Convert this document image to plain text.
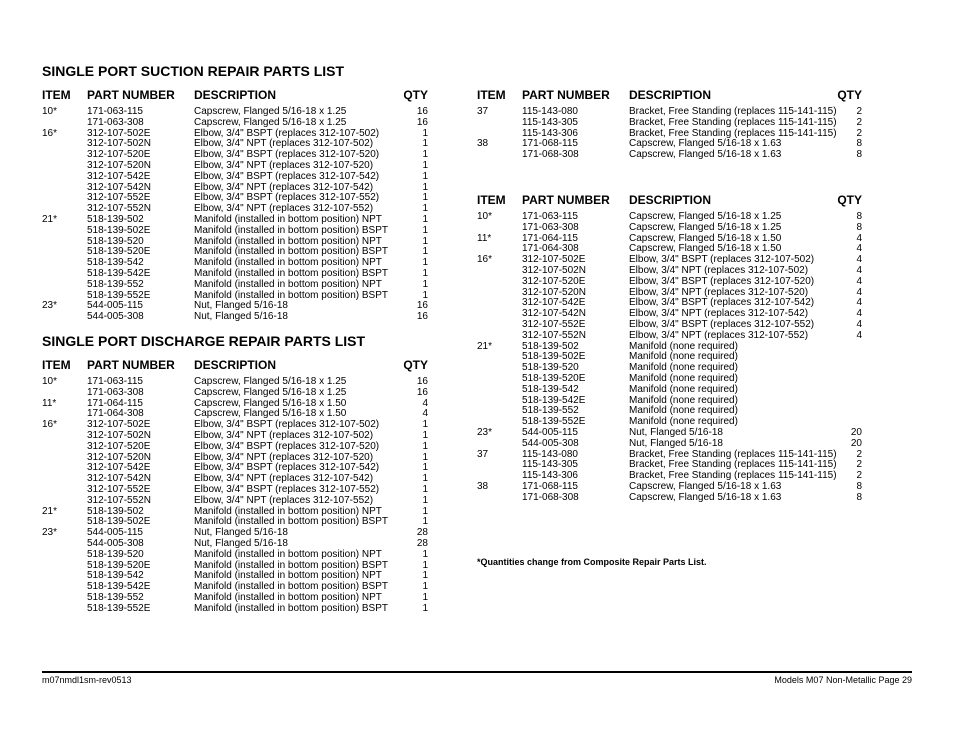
SINGLE PORT SUCTION REPAIR PARTS LIST
ITEM PART NUMBER DESCRIPTION	QTY
10*	171-063-115	Capscrew, Flanged 5/16-18 x 1.25	16
171-063-308	Capscrew, Flanged 5/16-18 x 1.25	16
16*	312-107-502E	Elbow, 3/4" BSPT (replaces 312-107-502)	1
312-107-502N	Elbow, 3/4" NPT (replaces 312-107-502)	1
312-107-520E	Elbow, 3/4" BSPT (replaces 312-107-520)	1
312-107-520N	Elbow, 3/4" NPT (replaces 312-107-520)	1
312-107-542E	Elbow, 3/4" BSPT (replaces 312-107-542)	1
312-107-542N	Elbow, 3/4" NPT (replaces 312-107-542)	1
312-107-552E	Elbow, 3/4" BSPT (replaces 312-107-552)	1
312-107-552N	Elbow, 3/4" NPT (replaces 312-107-552)	1
21*	518-139-502	Manifold (installed in bottom position) NPT	1
518-139-502E	Manifold (installed in bottom position) BSPT	1
518-139-520	Manifold (installed in bottom position) NPT	1
518-139-520E	Manifold (installed in bottom position) BSPT	1
518-139-542	Manifold (installed in bottom position) NPT	1
518-139-542E	Manifold (installed in bottom position) BSPT	1
518-139-552	Manifold (installed in bottom position) NPT	1
518-139-552E	Manifold (installed in bottom position) BSPT	1
23*	544-005-115	Nut, Flanged 5/16-18	16
544-005-308	Nut, Flanged 5/16-18	16
SINGLE PORT DISCHARGE REPAIR PARTS LIST
ITEM PART NUMBER DESCRIPTION	QTY
10*	171-063-115	Capscrew, Flanged 5/16-18 x 1.25	16
171-063-308	Capscrew, Flanged 5/16-18 x 1.25	16
11*	171-064-115	Capscrew, Flanged 5/16-18 x 1.50	4
171-064-308	Capscrew, Flanged 5/16-18 x 1.50	4
16*	312-107-502E	Elbow, 3/4" BSPT (replaces 312-107-502)	1
312-107-502N	Elbow, 3/4" NPT (replaces 312-107-502)	1
312-107-520E	Elbow, 3/4" BSPT (replaces 312-107-520)	1
312-107-520N	Elbow, 3/4" NPT (replaces 312-107-520)	1
312-107-542E	Elbow, 3/4" BSPT (replaces 312-107-542)	1
312-107-542N	Elbow, 3/4" NPT (replaces 312-107-542)	1
312-107-552E	Elbow, 3/4" BSPT (replaces 312-107-552)	1
312-107-552N	Elbow, 3/4" NPT (replaces 312-107-552)	1
21*	518-139-502	Manifold (installed in bottom position) NPT	1
518-139-502E	Manifold (installed in bottom position) BSPT	1
23*	544-005-115	Nut, Flanged 5/16-18	28
544-005-308	Nut, Flanged 5/16-18	28
518-139-520	Manifold (installed in bottom position) NPT	1
518-139-520E	Manifold (installed in bottom position) BSPT	1
518-139-542	Manifold (installed in bottom position) NPT	1
518-139-542E	Manifold (installed in bottom position) BSPT	1
518-139-552	Manifold (installed in bottom position) NPT	1
518-139-552E	Manifold (installed in bottom position) BSPT	1
ITEM PART NUMBER DESCRIPTION	QTY
37	115-143-080	Bracket, Free Standing (replaces 115-141-115) 2
115-143-305	Bracket, Free Standing (replaces 115-141-115) 2
115-143-306	Bracket, Free Standing (replaces 115-141-115) 2
38	171-068-115	Capscrew, Flanged 5/16-18 x 1.63	8
171-068-308	Capscrew, Flanged 5/16-18 x 1.63	8
ITEM PART NUMBER DESCRIPTION	QTY
10*	171-063-115	Capscrew, Flanged 5/16-18 x 1.25	8
171-063-308	Capscrew, Flanged 5/16-18 x 1.25	8
11*	171-064-115	Capscrew, Flanged 5/16-18 x 1.50	4
171-064-308	Capscrew, Flanged 5/16-18 x 1.50	4
16*	312-107-502E	Elbow, 3/4" BSPT (replaces 312-107-502)	4
312-107-502N	Elbow, 3/4" NPT (replaces 312-107-502)	4
312-107-520E	Elbow, 3/4" BSPT (replaces 312-107-520)	4
312-107-520N	Elbow, 3/4" NPT (replaces 312-107-520)	4
312-107-542E	Elbow, 3/4" BSPT (replaces 312-107-542)	4
312-107-542N	Elbow, 3/4" NPT (replaces 312-107-542)	4
312-107-552E	Elbow, 3/4" BSPT (replaces 312-107-552)	4
312-107-552N	Elbow, 3/4" NPT (replaces 312-107-552)	4
21*	518-139-502	Manifold (none required)
518-139-502E	Manifold (none required)
518-139-520	Manifold (none required)
518-139-520E	Manifold (none required)
518-139-542	Manifold (none required)
518-139-542E	Manifold (none required)
518-139-552	Manifold (none required)
518-139-552E	Manifold (none required)
23*	544-005-115	Nut, Flanged 5/16-18	20
544-005-308	Nut, Flanged 5/16-18	20
37	115-143-080	Bracket, Free Standing (replaces 115-141-115) 2
115-143-305	Bracket, Free Standing (replaces 115-141-115) 2
115-143-306	Bracket, Free Standing (replaces 115-141-115) 2
38	171-068-115	Capscrew, Flanged 5/16-18 x 1.63	8
171-068-308	Capscrew, Flanged 5/16-18 x 1.63	8
*Quantities change from Composite Repair Parts List.
m07nmdl1sm-rev0513	Models M07 Non-Metallic Page 29
